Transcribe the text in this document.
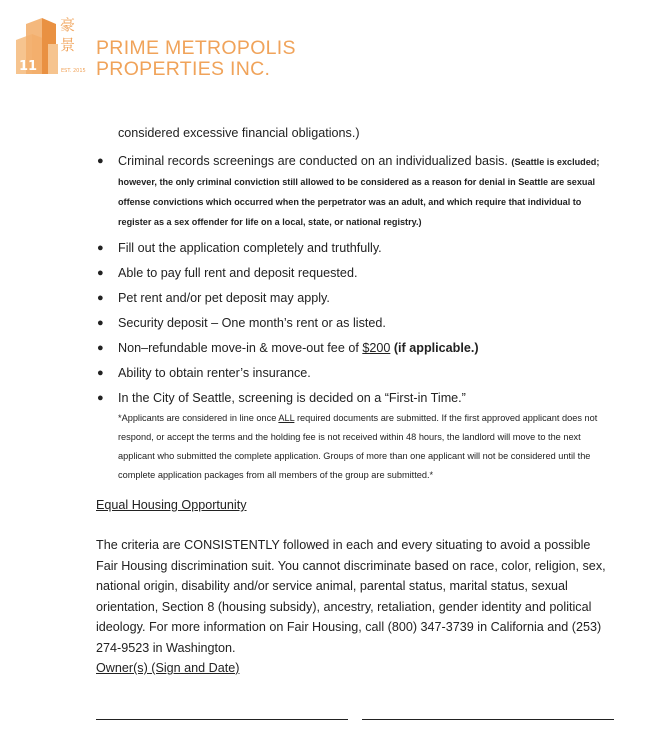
11
豪
景
EST. 2015
PRIME METROPOLIS
PROPERTIES INC.
considered excessive financial obligations.)
● Criminal records screenings are conducted on an individualized basis. (Seattle is excluded; however, the only criminal conviction still allowed to be considered as a reason for denial in Seattle are sexual offense convictions which occurred when the perpetrator was an adult, and which require that individual to register as a sex offender for life on a local, state, or national registry.)
● Fill out the application completely and truthfully.
● Able to pay full rent and deposit requested.
● Pet rent and/or pet deposit may apply.
● Security deposit – One month’s rent or as listed.
● Non–refundable move-in & move-out fee of $200 (if applicable.)
● Ability to obtain renter’s insurance.
● In the City of Seattle, screening is decided on a “First-in Time.”
*Applicants are considered in line once ALL required documents are submitted. If the first approved applicant does not respond, or accept the terms and the holding fee is not received within 48 hours, the landlord will move to the next applicant who submitted the complete application. Groups of more than one applicant will not be considered until the complete application packages from all members of the group are submitted.*
Equal Housing Opportunity
The criteria are CONSISTENTLY followed in each and every situating to avoid a possible Fair Housing discrimination suit. You cannot discriminate based on race, color, religion, sex, national origin, disability and/or service animal, parental status, marital status, sexual orientation, Section 8 (housing subsidy), ancestry, retaliation, gender identity and political ideology. For more information on Fair Housing, call (800) 347-3739 in California and (253) 274-9523 in Washington.
Owner(s) (Sign and Date)
